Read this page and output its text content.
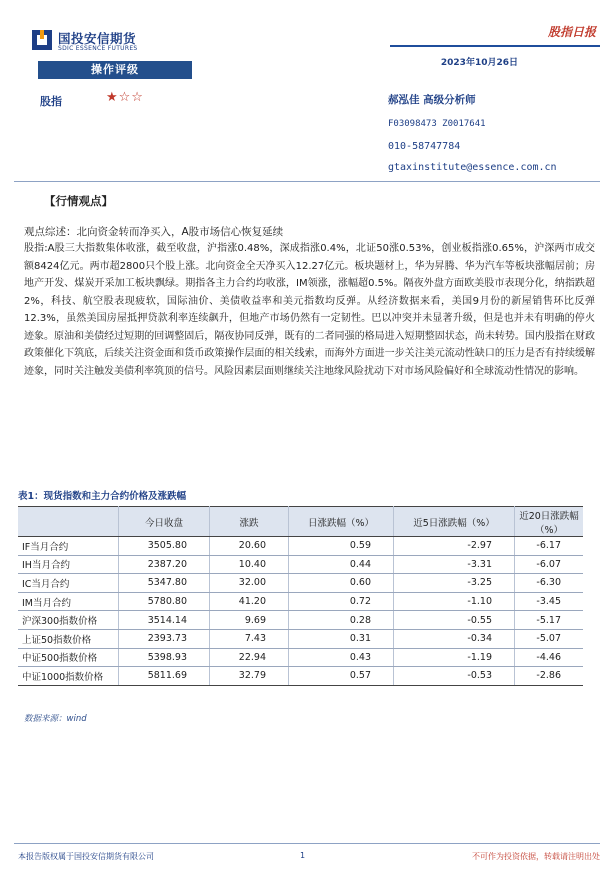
国投安信期货
SDIC ESSENCE FUTURES
股指日报
2023年10月26日
操作评级
股指	★☆☆	郝泓佳 高级分析师
F03098473 Z0017641
010-58747784
gtaxinstitute@essence.com.cn
【行情观点】
观点综述：北向资金转而净买入，A股市场信心恢复延续
股指:A股三大指数集体收涨，截至收盘，沪指涨0.48%，深成指涨0.4%，北证50涨0.53%，创业板指涨0.65%，沪深两市成交额8424亿元。两市超2800只个股上涨。北向资金全天净买入12.27亿元。板块题材上，华为昇腾、华为汽车等板块涨幅居前；房地产开发、煤炭开采加工板块飘绿。期指各主力合约均收涨，IM领涨，涨幅超0.5%。隔夜外盘方面欧美股市表现分化，纳指跌超2%，科技、航空股表现疲软，国际油价、美债收益率和美元指数均反弹。从经济数据来看，美国9月份的新屋销售环比反弹12.3%，虽然美国房屋抵押贷款利率连续飙升，但地产市场仍然有一定韧性。巴以冲突并未显著升级，但是也并未有明确的停火迹象。原油和美债经过短期的回调整固后，隔夜协同反弹，既有的二者同强的格局进入短期整固状态，尚未转势。国内股指在财政政策催化下筑底，后续关注资金面和货币政策操作层面的相关线索，而海外方面进一步关注美元流动性缺口的压力是否有持续缓解迹象，同时关注触发美债利率筑顶的信号。风险因素层面则继续关注地缘风险扰动下对市场风险偏好和全球流动性情况的影响。
表1：现货指数和主力合约价格及涨跌幅
	今日收盘	涨跌	日涨跌幅（%）	近5日涨跌幅（%）	近20日涨跌幅（%）
IF当月合约	3505.80	20.60	0.59	-2.97	-6.17
IH当月合约	2387.20	10.40	0.44	-3.31	-6.07
IC当月合约	5347.80	32.00	0.60	-3.25	-6.30
IM当月合约	5780.80	41.20	0.72	-1.10	-3.45
沪深300指数价格	3514.14	9.69	0.28	-0.55	-5.17
上证50指数价格	2393.73	7.43	0.31	-0.34	-5.07
中证500指数价格	5398.93	22.94	0.43	-1.19	-4.46
中证1000指数价格	5811.69	32.79	0.57	-0.53	-2.86
数据来源：wind
本报告版权属于国投安信期货有限公司	1	不可作为投资依据，转载请注明出处
